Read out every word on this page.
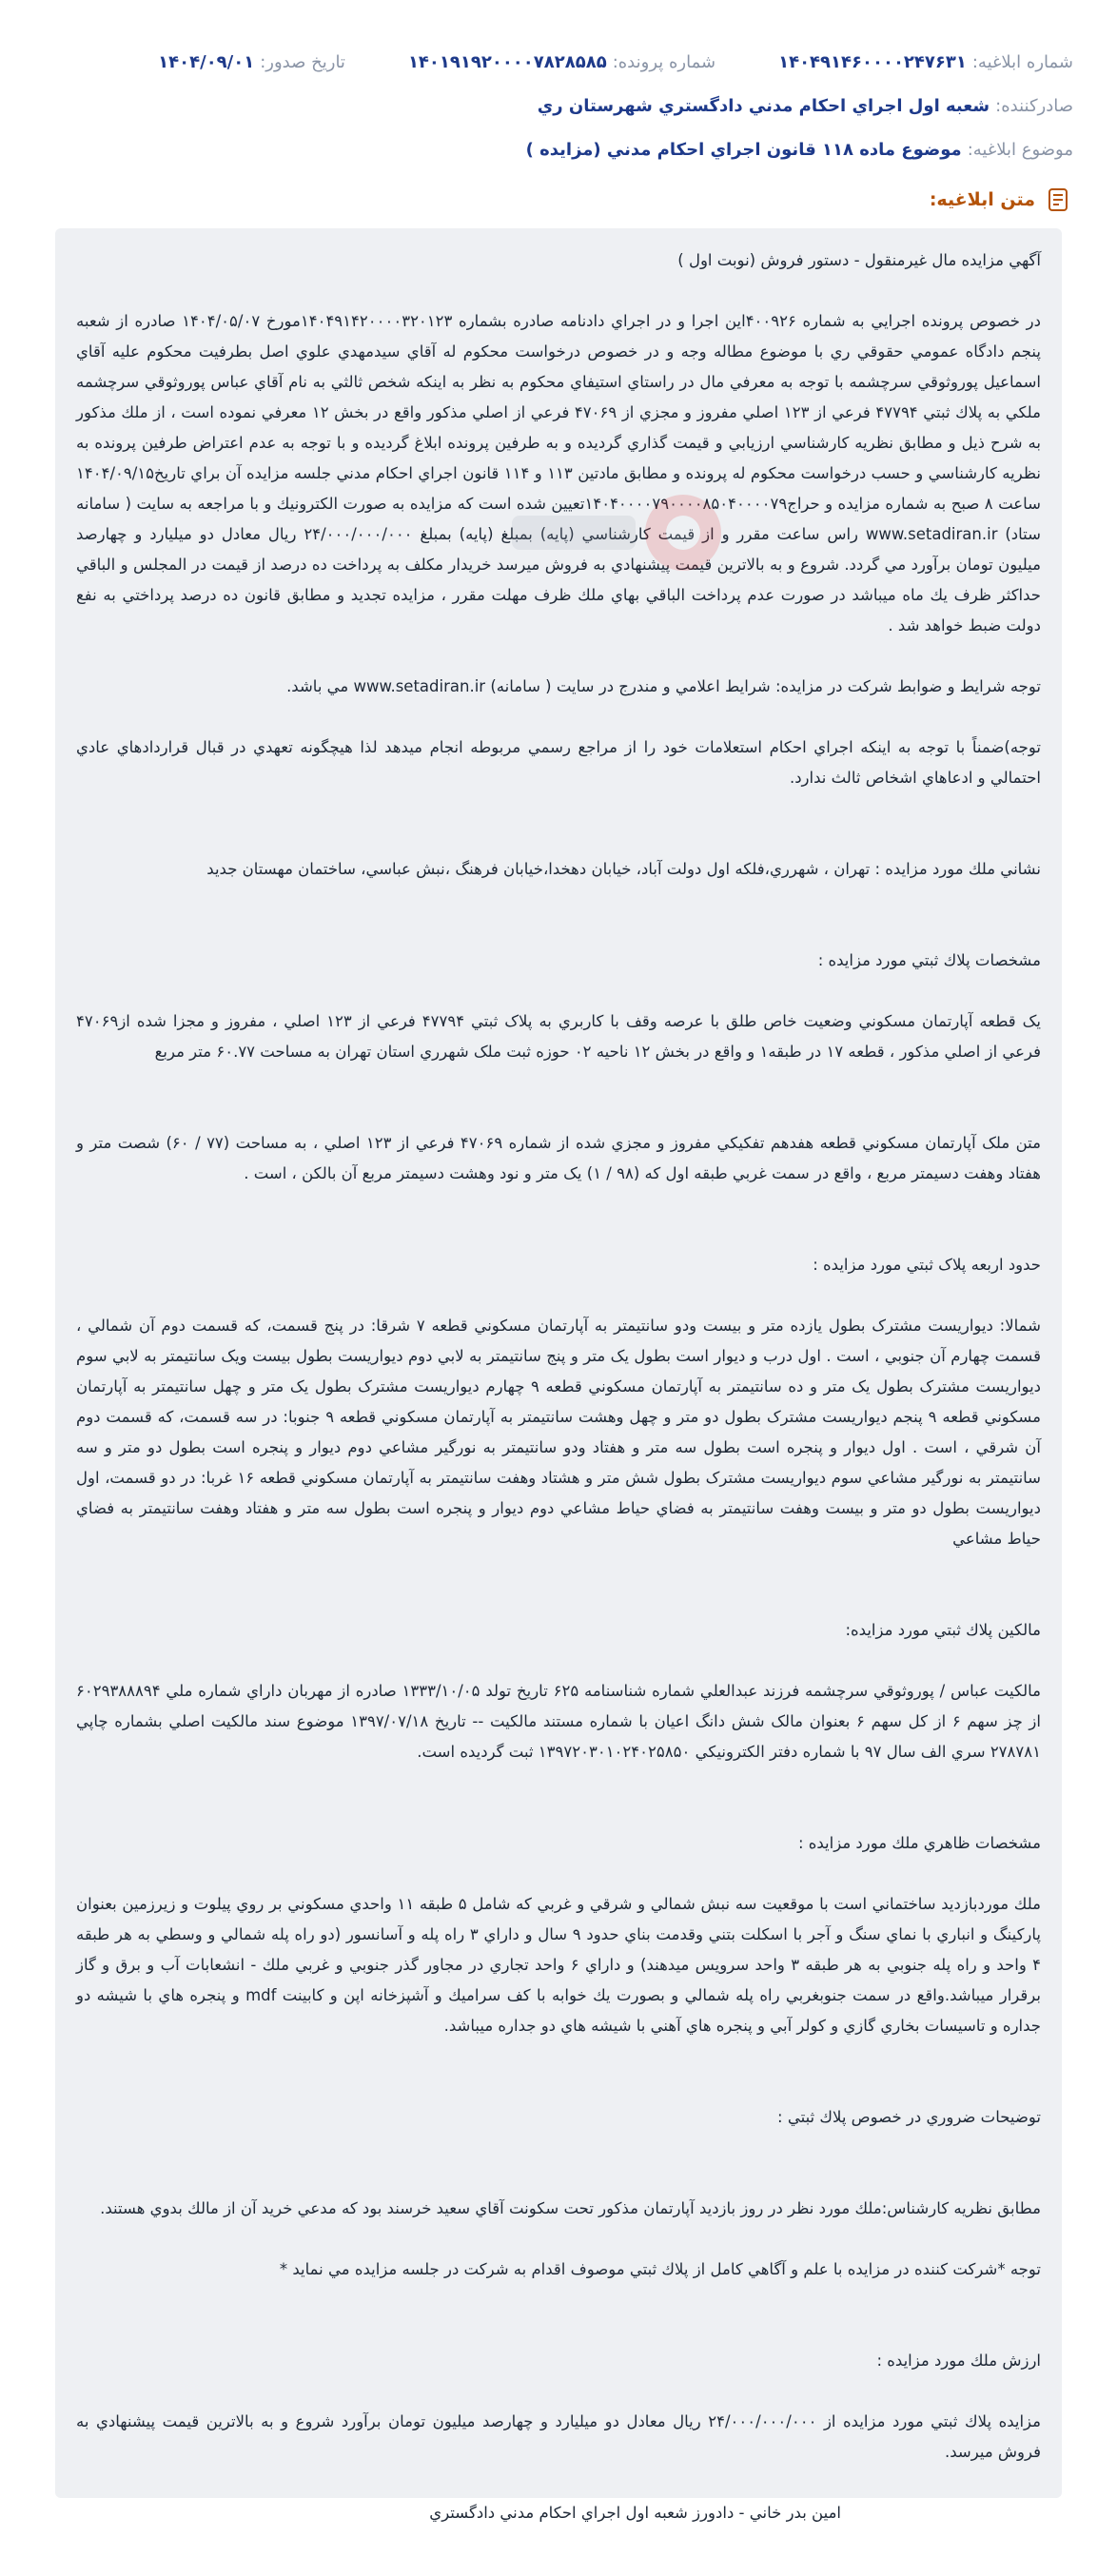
شماره ابلاغيه:
۱۴۰۴۹۱۴۶۰۰۰۰۲۴۷۶۳۱
شماره پرونده:
۱۴۰۱۹۱۹۲۰۰۰۰۷۸۲۸۵۸۵
تاريخ صدور:
۱۴۰۴/۰۹/۰۱
صادرکننده:
شعبه اول اجراي احكام مدني دادگستري شهرستان ري
موضوع ابلاغيه:
موضوع ماده ۱۱۸ قانون اجراي احكام مدني (مزايده )
متن ابلاغيه:

آگهي مزايده مال غيرمنقول - دستور فروش (نوبت اول )

در خصوص پرونده اجرايي به شماره ۴۰۰۹۲۶اين اجرا و در اجراي دادنامه صادره بشماره ۱۴۰۴۹۱۴۲۰۰۰۰۳۲۰۱۲۳مورخ ۱۴۰۴/۰۵/۰۷ صادره از شعبه پنجم دادگاه عمومي حقوقي ري با موضوع مطاله وجه و در خصوص درخواست محكوم له آقاي سيدمهدي علوي اصل بطرفيت محكوم عليه آقاي اسماعيل پوروثوقي سرچشمه با توجه به معرفي مال در راستاي استيفاي محكوم به نظر به اينكه شخص ثالثي به نام آقاي عباس پوروثوقي سرچشمه ملكي به پلاك ثبتي ۴۷۷۹۴ فرعي از ۱۲۳ اصلي مفروز و مجزي از ۴۷۰۶۹ فرعي از اصلي مذكور واقع در بخش ۱۲ معرفي نموده است ، از ملك مذكور به شرح ذيل و مطابق نظريه كارشناسي ارزيابي و قيمت گذاري گرديده و به طرفين پرونده ابلاغ گرديده و با توجه به عدم اعتراض طرفين پرونده به نظريه كارشناسي و حسب درخواست محكوم له پرونده و مطابق مادتين ۱۱۳ و ۱۱۴ قانون اجراي احكام مدني جلسه مزايده آن براي تاريخ۱۴۰۴/۰۹/۱۵ ساعت ۸ صبح به شماره مزايده و حراج۱۴۰۴۰۰۰۰۷۹۰۰۰۰۸۵۰۴۰۰۰۰۷۹تعيين شده است كه مزايده به صورت الكترونيك و با مراجعه به سايت ( سامانه ستاد) www.setadiran.ir راس ساعت مقرر و از قيمت كارشناسي (پايه) بمبلغ (پايه) بمبلغ ۲۴/۰۰۰/۰۰۰/۰۰۰ ريال معادل دو ميليارد و چهارصد ميليون تومان برآورد مي گردد. شروع و به بالاترين قيمت پيشنهادي به فروش ميرسد خريدار مكلف به پرداخت ده درصد از قيمت در المجلس و الباقي حداكثر ظرف يك ماه ميباشد در صورت عدم پرداخت الباقي بهاي ملك ظرف مهلت مقرر ، مزايده تجديد و مطابق قانون ده درصد پرداختي به نفع دولت ضبط خواهد شد .

توجه شرايط و ضوابط شركت در مزايده: شرايط اعلامي و مندرج در سايت ( سامانه) www.setadiran.ir مي باشد.

توجه)ضمناً با توجه به اينكه اجراي احكام استعلامات خود را از مراجع رسمي مربوطه انجام ميدهد لذا هيچگونه تعهدي در قبال قراردادهاي عادي احتمالي و ادعاهاي اشخاص ثالث ندارد.

نشاني ملك مورد مزايده : تهران ، شهرري،فلكه اول دولت آباد، خيابان دهخدا،خيابان فرهنگ ،نبش عباسي، ساختمان مهستان جديد

مشخصات پلاك ثبتي مورد مزايده :

يک قطعه آپارتمان مسکوني وضعيت خاص طلق با عرصه وقف با کاربري به پلاک ثبتي ۴۷۷۹۴ فرعي از ۱۲۳ اصلي ، مفروز و مجزا شده از۴۷۰۶۹ فرعي از اصلي مذکور ، قطعه ۱۷ در طبقه۱ و واقع در بخش ۱۲ ناحيه ۰۲ حوزه ثبت ملک شهرري استان تهران به مساحت ۶۰.۷۷ متر مربع

متن ملک آپارتمان مسکوني قطعه هفدهم تفکيکي مفروز و مجزي شده از شماره ۴۷۰۶۹ فرعي از ۱۲۳ اصلي ، به مساحت (۷۷ / ۶۰) شصت متر و هفتاد وهفت دسيمتر مربع ، واقع در سمت غربي طبقه اول که (۹۸ / ۱) يک متر و نود وهشت دسيمتر مربع آن بالکن ، است .

حدود اربعه پلاک ثبتي مورد مزايده :

شمالا: ديواريست مشترک بطول يازده متر و بيست ودو سانتيمتر به آپارتمان مسکوني قطعه ۷ شرقا: در پنج قسمت، که قسمت دوم آن شمالي ، قسمت چهارم آن جنوبي ، است . اول درب و ديوار است بطول يک متر و پنج سانتيمتر به لابي دوم ديواريست بطول بيست ويک سانتيمتر به لابي سوم ديواريست مشترک بطول يک متر و ده سانتيمتر به آپارتمان مسکوني قطعه ۹ چهارم ديواريست مشترک بطول يک متر و چهل سانتيمتر به آپارتمان مسکوني قطعه ۹ پنجم ديواريست مشترک بطول دو متر و چهل وهشت سانتيمتر به آپارتمان مسکوني قطعه ۹ جنوبا: در سه قسمت، که قسمت دوم آن شرقي ، است . اول ديوار و پنجره است بطول سه متر و هفتاد ودو سانتيمتر به نورگير مشاعي دوم ديوار و پنجره است بطول دو متر و سه سانتيمتر به نورگير مشاعي سوم ديواريست مشترک بطول شش متر و هشتاد وهفت سانتيمتر به آپارتمان مسکوني قطعه ۱۶ غربا: در دو قسمت، اول ديواريست بطول دو متر و بيست وهفت سانتيمتر به فضاي حياط مشاعي دوم ديوار و پنجره است بطول سه متر و هفتاد وهفت سانتيمتر به فضاي حياط مشاعي

مالكين پلاك ثبتي مورد مزايده:

مالکيت عباس / پوروثوقي سرچشمه فرزند عبدالعلي شماره شناسنامه ۶۲۵ تاريخ تولد ۱۳۳۳/۱۰/۰۵ صادره از مهربان داراي شماره ملي ۶۰۲۹۳۸۸۸۹۴ از چز سهم ۶ از کل سهم ۶ بعنوان مالک شش دانگ اعيان با شماره مستند مالکيت -- تاريخ ۱۳۹۷/۰۷/۱۸ موضوع سند مالکيت اصلي بشماره چاپي ۲۷۸۷۸۱ سري الف سال ۹۷ با شماره دفتر الکترونيکي ۱۳۹۷۲۰۳۰۱۰۲۴۰۲۵۸۵۰ ثبت گرديده است.

مشخصات ظاهري ملك مورد مزايده :

ملك موردبازديد ساختماني است با موقعيت سه نبش شمالي و شرقي و غربي كه شامل ۵ طبقه ۱۱ واحدي مسكوني بر روي پيلوت و زيرزمين بعنوان پاركينگ و انباري با نماي سنگ و آجر با اسكلت بتني وقدمت بناي حدود ۹ سال و داراي ۳ راه پله و آسانسور (دو راه پله شمالي و وسطي به هر طبقه ۴ واحد و راه پله جنوبي به هر طبقه ۳ واحد سرويس ميدهند) و داراي ۶ واحد تجاري در مجاور گذر جنوبي و غربي ملك - انشعابات آب و برق و گاز برقرار ميباشد.واقع در سمت جنوبغربي راه پله شمالي و بصورت يك خوابه با كف سراميك و آشپزخانه اپن و كابينت mdf و پنجره هاي با شيشه دو جداره و تاسيسات بخاري گازي و كولر آبي و پنجره هاي آهني با شيشه هاي دو جداره ميباشد.

توضيحات ضروري در خصوص پلاك ثبتي :

مطابق نظريه كارشناس:ملك مورد نظر در روز بازديد آپارتمان مذكور تحت سكونت آقاي سعيد خرسند بود كه مدعي خريد آن از مالك بدوي هستند.

توجه *شركت كننده در مزايده با علم و آگاهي كامل از پلاك ثبتي موصوف اقدام به شركت در جلسه مزايده مي نمايد *

ارزش ملك مورد مزايده :

مزايده پلاك ثبتي مورد مزايده از ۲۴/۰۰۰/۰۰۰/۰۰۰ ريال معادل دو ميليارد و چهارصد ميليون تومان برآورد شروع و به بالاترين قيمت پيشنهادي به فروش ميرسد.

امين بدر خاني - دادورز شعبه اول اجراي احكام مدني دادگستري
